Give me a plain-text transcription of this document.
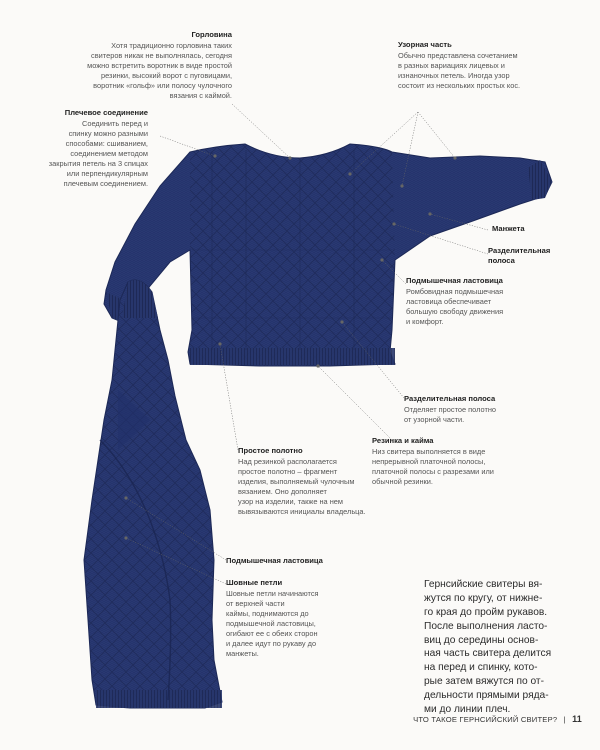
Горловина
Хотя традиционно горловина таких
свитеров никак не выполнялась, сегодня
можно встретить воротник в виде простой
резинки, высокий ворот с пуговицами,
воротник «гольф» или полосу чулочного
вязания с каймой.
Узорная часть
Обычно представлена сочетанием
в разных вариациях лицевых и
изнаночных петель. Иногда узор
состоит из нескольких простых кос.
Плечевое соединение
Соединить перед и
спинку можно разными
способами: сшиванием,
соединением методом
закрытия петель на 3 спицах
или перпендикулярным
плечевым соединением.
Манжета
Разделительная
полоса
Подмышечная ластовица
Ромбовидная подмышечная
ластовица обеспечивает
большую свободу движения
и комфорт.
Разделительная полоса
Отделяет простое полотно
от узорной части.
Резинка и кайма
Низ свитера выполняется в виде
непрерывной платочной полосы,
платочной полосы с разрезами или
обычной резинки.
Простое полотно
Над резинкой располагается
простое полотно – фрагмент
изделия, выполняемый чулочным
вязанием. Оно дополняет
узор на изделии, также на нем
вывязываются инициалы владельца.
Подмышечная ластовица
Шовные петли
Шовные петли начинаются
от верхней части
каймы, поднимаются до
подмышечной ластовицы,
огибают ее с обеих сторон
и далее идут по рукаву до
манжеты.
Гернсийские свитеры вя-
жутся по кругу, от нижне-
го края до пройм рукавов.
После выполнения ласто-
виц до середины основ-
ная часть свитера делится
на перед и спинку, кото-
рые затем вяжутся по от-
дельности прямыми ряда-
ми до линии плеч.
ЧТО ТАКОЕ ГЕРНСИЙСКИЙ СВИТЕР? | 11
